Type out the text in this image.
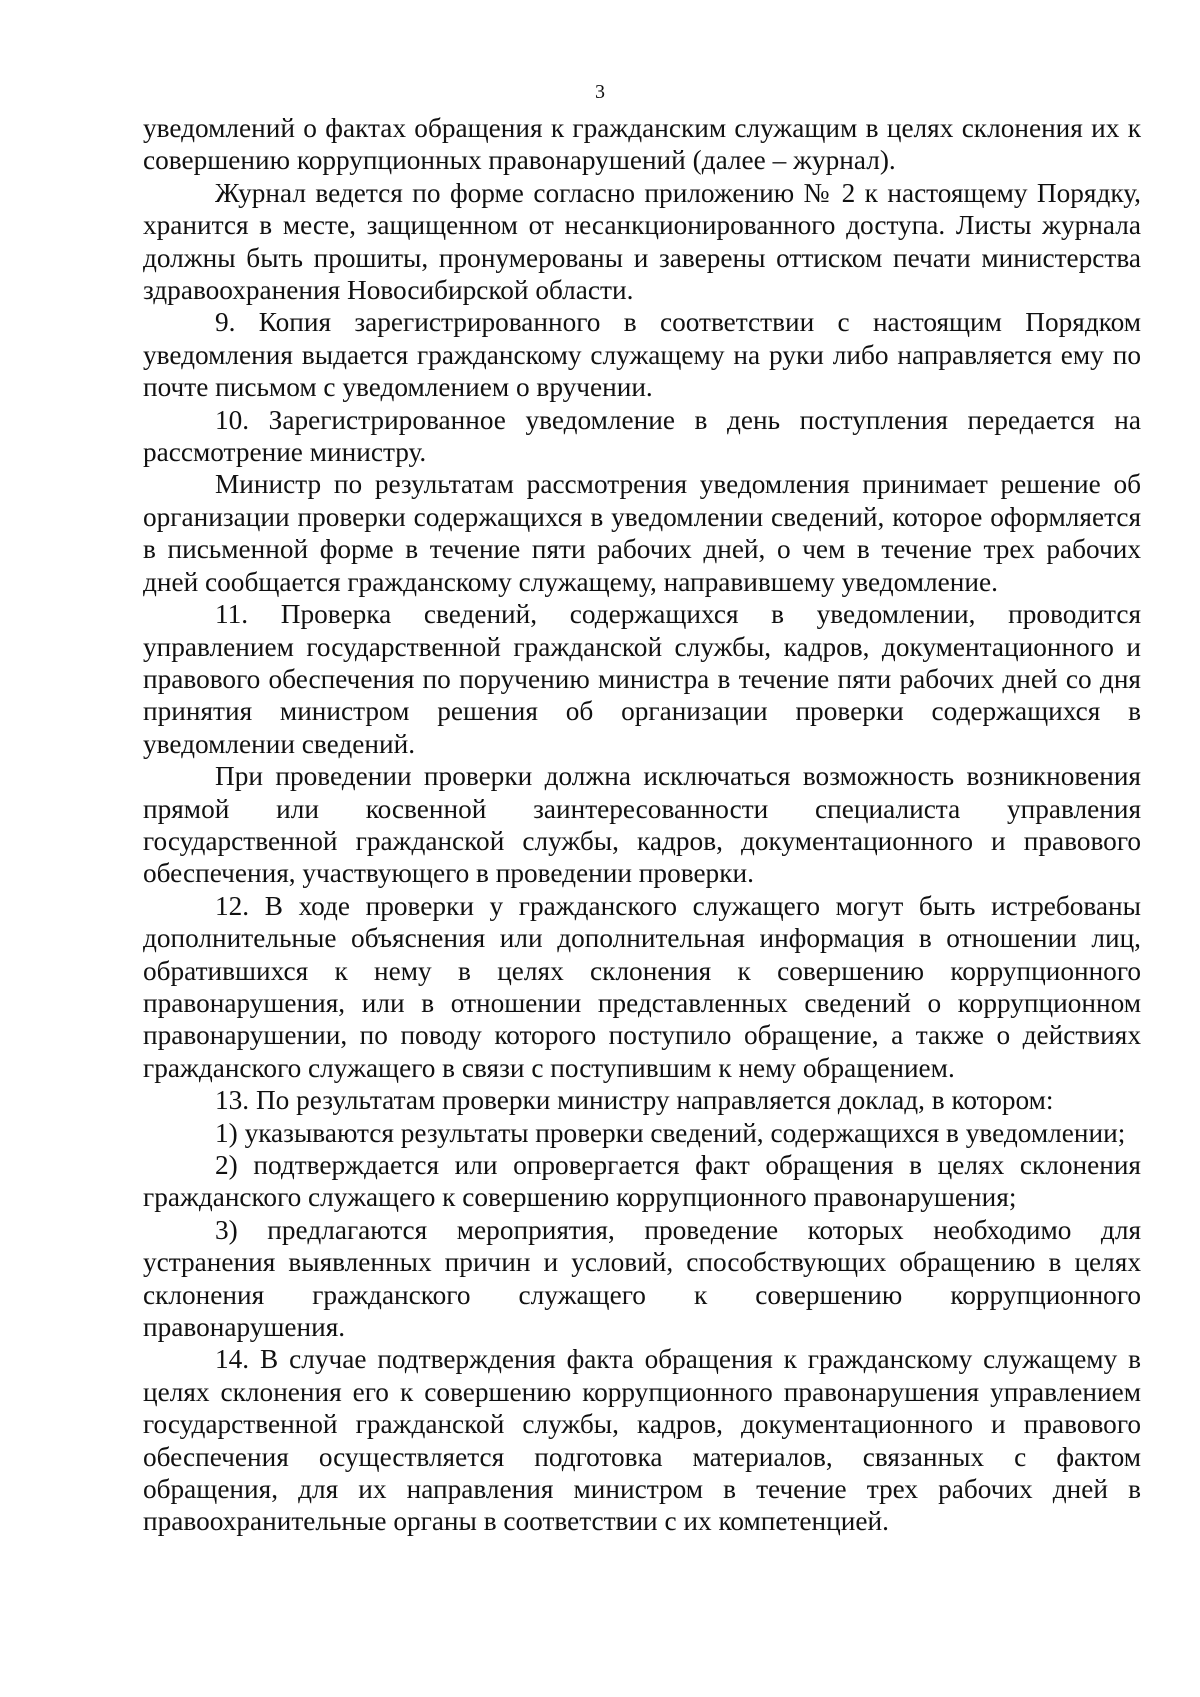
3

уведомлений о фактах обращения к гражданским служащим в целях склонения их к совершению коррупционных правонарушений (далее – журнал).

Журнал ведется по форме согласно приложению № 2 к настоящему Порядку, хранится в месте, защищенном от несанкционированного доступа. Листы журнала должны быть прошиты, пронумерованы и заверены оттиском печати министерства здравоохранения Новосибирской области.

9. Копия зарегистрированного в соответствии с настоящим Порядком уведомления выдается гражданскому служащему на руки либо направляется ему по почте письмом с уведомлением о вручении.

10. Зарегистрированное уведомление в день поступления передается на рассмотрение министру.

Министр по результатам рассмотрения уведомления принимает решение об организации проверки содержащихся в уведомлении сведений, которое оформляется в письменной форме в течение пяти рабочих дней, о чем в течение трех рабочих дней сообщается гражданскому служащему, направившему уведомление.

11. Проверка сведений, содержащихся в уведомлении, проводится управлением государственной гражданской службы, кадров, документационного и правового обеспечения по поручению министра в течение пяти рабочих дней со дня принятия министром решения об организации проверки содержащихся в уведомлении сведений.

При проведении проверки должна исключаться возможность возникновения прямой или косвенной заинтересованности специалиста управления государственной гражданской службы, кадров, документационного и правового обеспечения, участвующего в проведении проверки.

12. В ходе проверки у гражданского служащего могут быть истребованы дополнительные объяснения или дополнительная информация в отношении лиц, обратившихся к нему в целях склонения к совершению коррупционного правонарушения, или в отношении представленных сведений о коррупционном правонарушении, по поводу которого поступило обращение, а также о действиях гражданского служащего в связи с поступившим к нему обращением.

13. По результатам проверки министру направляется доклад, в котором:

1) указываются результаты проверки сведений, содержащихся в уведомлении;

2) подтверждается или опровергается факт обращения в целях склонения гражданского служащего к совершению коррупционного правонарушения;

3) предлагаются мероприятия, проведение которых необходимо для устранения выявленных причин и условий, способствующих обращению в целях склонения гражданского служащего к совершению коррупционного правонарушения.

14. В случае подтверждения факта обращения к гражданскому служащему в целях склонения его к совершению коррупционного правонарушения управлением государственной гражданской службы, кадров, документационного и правового обеспечения осуществляется подготовка материалов, связанных с фактом обращения, для их направления министром в течение трех рабочих дней в правоохранительные органы в соответствии с их компетенцией.
